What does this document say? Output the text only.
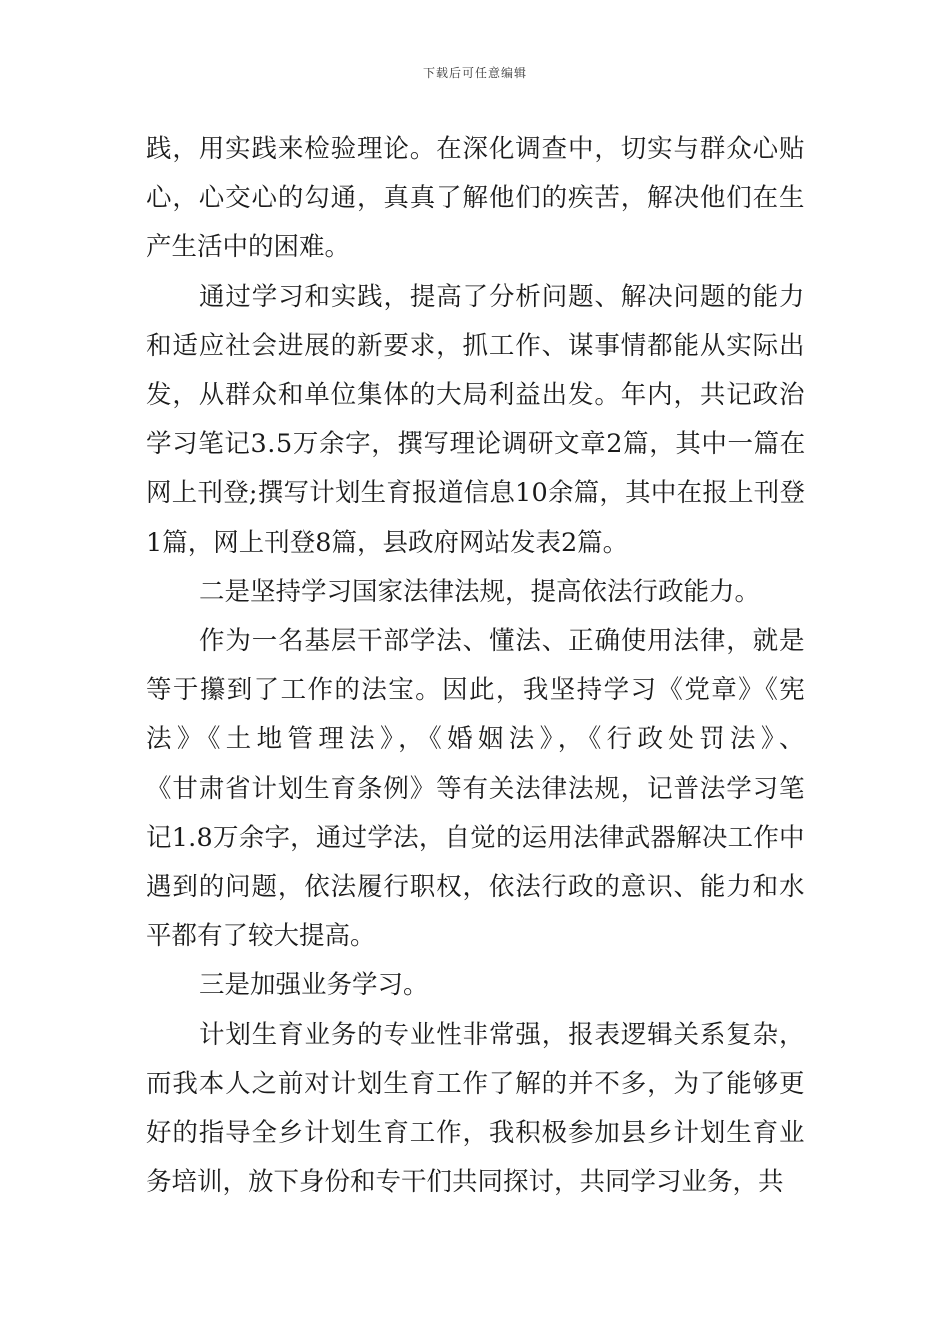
下载后可任意编辑
践，用实践来检验理论。在深化调查中，切实与群众心贴
心，心交心的勾通，真真了解他们的疾苦，解决他们在生
产生活中的困难。
通过学习和实践，提高了分析问题、解决问题的能力
和适应社会进展的新要求，抓工作、谋事情都能从实际出
发，从群众和单位集体的大局利益出发。年内，共记政治
学习笔记3.5万余字，撰写理论调研文章2篇，其中一篇在
网上刊登;撰写计划生育报道信息10余篇，其中在报上刊登
1篇，网上刊登8篇，县政府网站发表2篇。
二是坚持学习国家法律法规，提高依法行政能力。
作为一名基层干部学法、懂法、正确使用法律，就是
等于攥到了工作的法宝。因此，我坚持学习《党章》《宪
法》《土地管理法》，《婚姻法》，《行政处罚法》、
《甘肃省计划生育条例》等有关法律法规，记普法学习笔
记1.8万余字，通过学法，自觉的运用法律武器解决工作中
遇到的问题，依法履行职权，依法行政的意识、能力和水
平都有了较大提高。
三是加强业务学习。
计划生育业务的专业性非常强，报表逻辑关系复杂，
而我本人之前对计划生育工作了解的并不多，为了能够更
好的指导全乡计划生育工作，我积极参加县乡计划生育业
务培训，放下身份和专干们共同探讨，共同学习业务，共
